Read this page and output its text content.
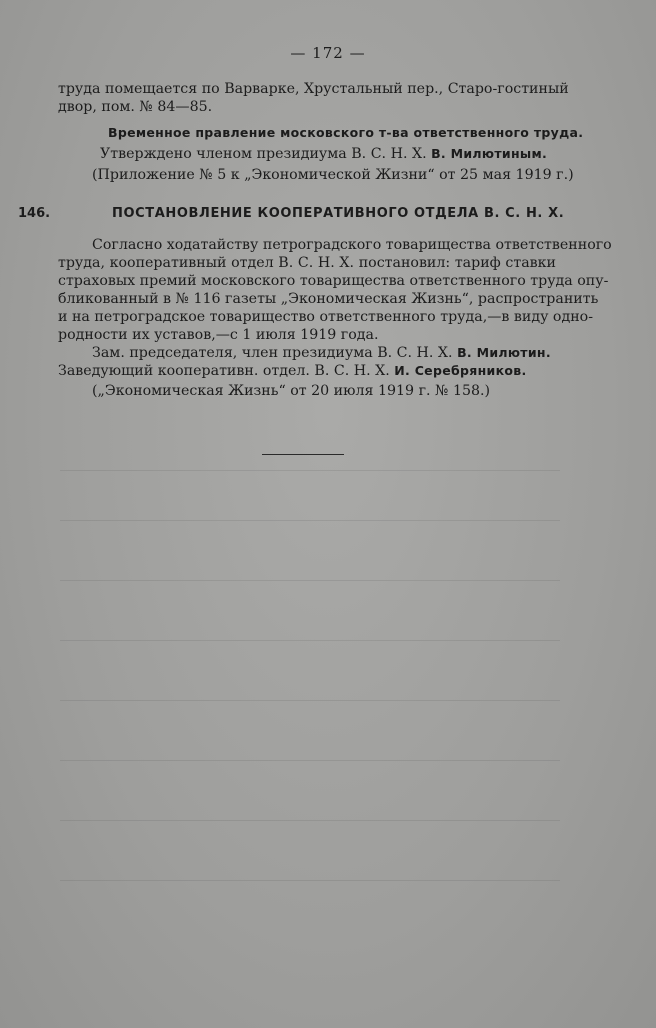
— 172 —
труда помещается по Варварке, Хрустальный пер., Старо-гостиный
двор, пом. № 84—85.
Временное правление московского т-ва ответственного труда.
Утверждено членом президиума В. С. Н. Х. В. Милютиным.
(Приложение № 5 к „Экономической Жизни“ от 25 мая 1919 г.)
146.	ПОСТАНОВЛЕНИЕ КООПЕРАТИВНОГО ОТДЕЛА В. С. Н. Х.
Согласно ходатайству петроградского товарищества ответственного
труда, кооперативный отдел В. С. Н. Х. постановил: тариф ставки
страховых премий московского товарищества ответственного труда опу-
бликованный в № 116 газеты „Экономическая Жизнь“, распространить
и на петроградское товарищество ответственного труда,—в виду одно-
родности их уставов,—с 1 июля 1919 года.
Зам. председателя, член президиума В. С. Н. Х. В. Милютин.
Заведующий кооперативн. отдел. В. С. Н. Х. И. Серебряников.
(„Экономическая Жизнь“ от 20 июля 1919 г. № 158.)
